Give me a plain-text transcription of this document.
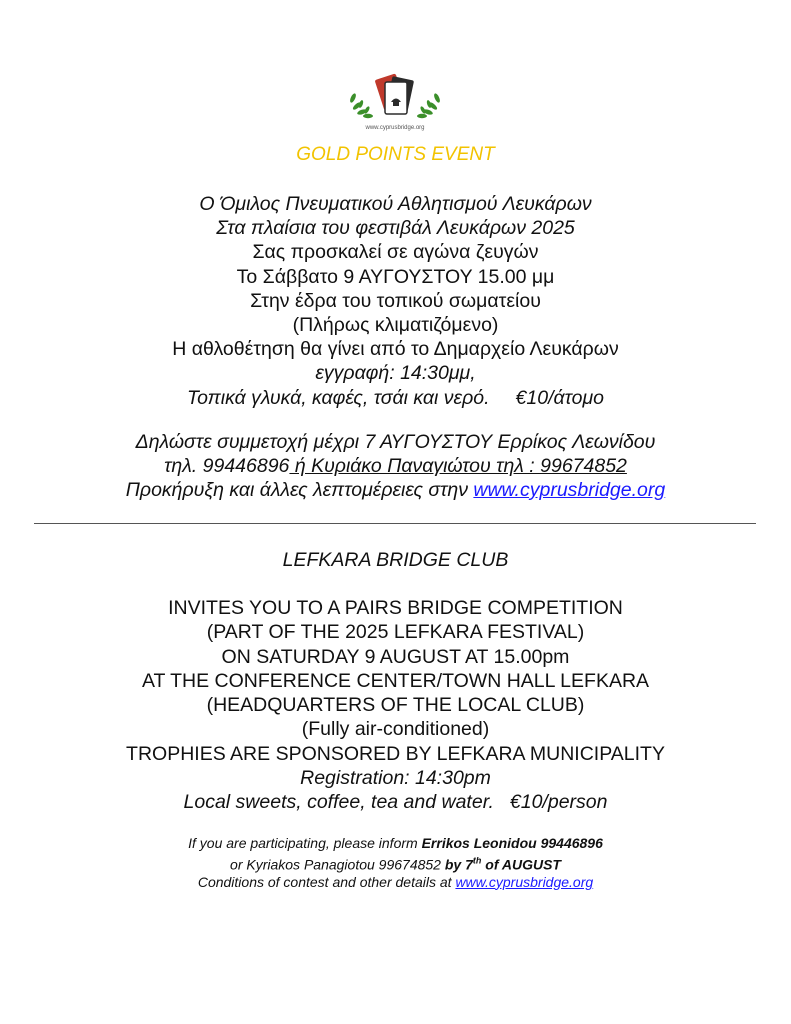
www.cyprusbridge.org
GOLD POINTS EVENT
Ο Όμιλος Πνευματικού Αθλητισμού Λευκάρων
Στα πλαίσια του φεστιβάλ Λευκάρων 2025
Σας προσκαλεί σε αγώνα ζευγών
Το Σάββατο 9 ΑΥΓΟΥΣΤΟΥ 15.00 μμ
Στην έδρα του τοπικού σωματείου
(Πλήρως κλιματιζόμενο)
Η αθλοθέτηση θα γίνει από το Δημαρχείο Λευκάρων
εγγραφή: 14:30μμ,
Τοπικά γλυκά, καφές, τσάι και νερό. €10/άτομο
Δηλώστε συμμετοχή μέχρι 7 ΑΥΓΟΥΣΤΟΥ Ερρίκος Λεωνίδου
τηλ. 99446896 ή Κυριάκο Παναγιώτου τηλ : 99674852
Προκήρυξη και άλλες λεπτομέρειες στην www.cyprusbridge.org
LEFKARA BRIDGE CLUB
INVITES YOU TO A PAIRS BRIDGE COMPETITION
(PART OF THE 2025 LEFKARA FESTIVAL)
ON SATURDAY 9 AUGUST AT 15.00pm
AT THE CONFERENCE CENTER/TOWN HALL LEFKARA
(HEADQUARTERS OF THE LOCAL CLUB)
(Fully air-conditioned)
TROPHIES ARE SPONSORED BY LEFKARA MUNICIPALITY
Registration: 14:30pm
Local sweets, coffee, tea and water. €10/person
If you are participating, please inform Errikos Leonidou 99446896
or Kyriakos Panagiotou 99674852 by 7th of AUGUST
Conditions of contest and other details at www.cyprusbridge.org
